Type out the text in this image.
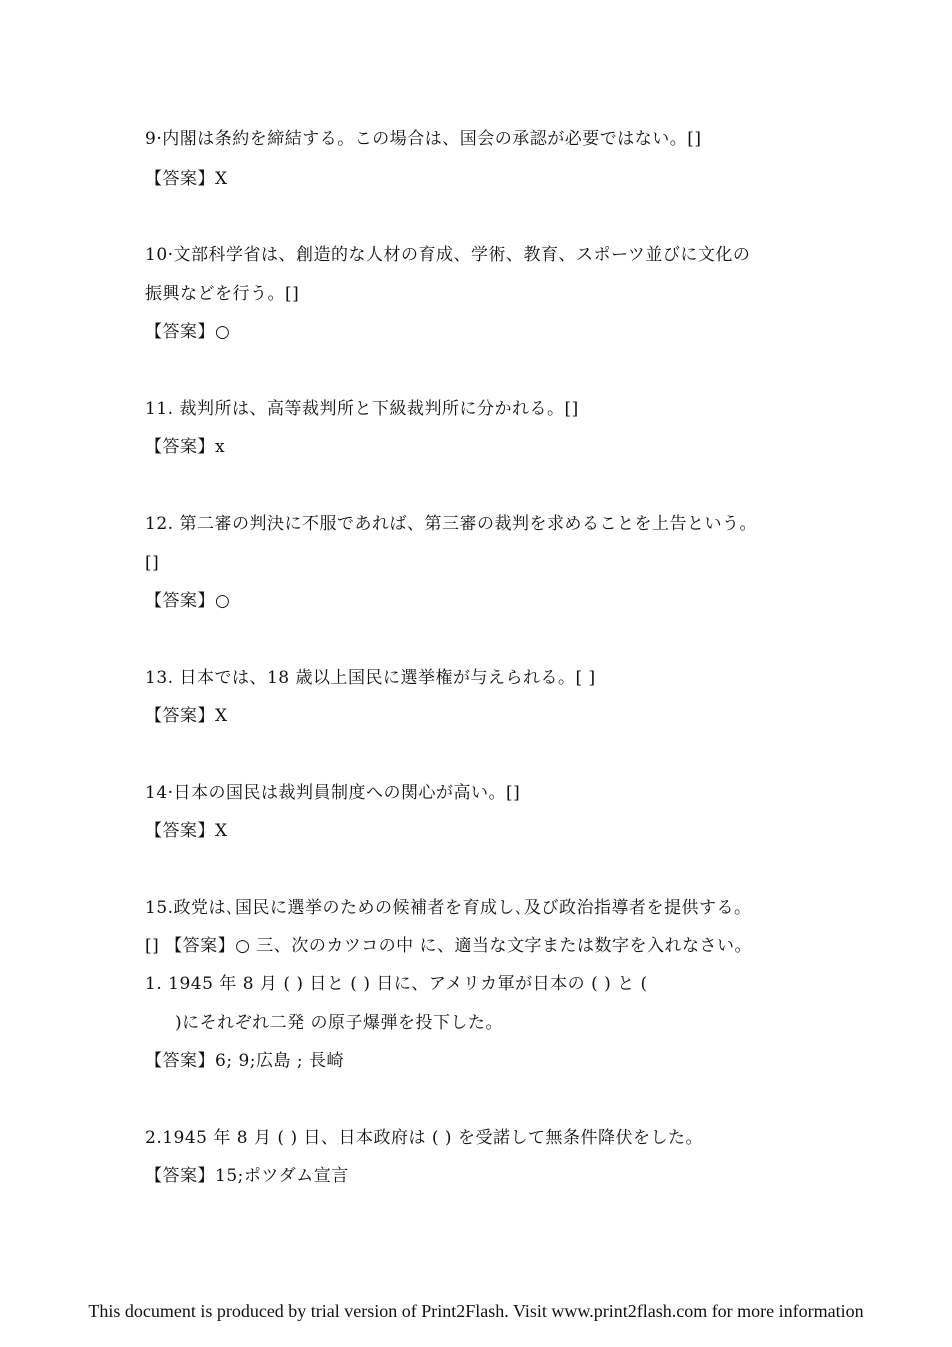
9·内閣は条約を締結する。この場合は、国会の承認が必要ではない。[]
【答案】X
10·文部科学省は、創造的な人材の育成、学術、教育、スポーツ並びに文化の
振興などを行う。[]
【答案】○
11. 裁判所は、高等裁判所と下級裁判所に分かれる。[]
【答案】x
12. 第二審の判決に不服であれば、第三審の裁判を求めることを上告という。
[]
【答案】○
13. 日本では、18 歳以上国民に選挙権が与えられる。[ ]
【答案】X
14·日本の国民は裁判員制度への関心が高い。[]
【答案】X
15.政党は､国民に選挙のための候補者を育成し､及び政治指導者を提供する｡
[] 【答案】○ 三、次のカツコの中 に、適当な文字または数字を入れなさい。
1. 1945 年 8 月 ( ) 日と ( ) 日に、アメリカ軍が日本の ( ) と (
)にそれぞれ二発 の原子爆弾を投下した。
【答案】6; 9;広島 ; 長崎
2.1945 年 8 月 ( ) 日、日本政府は ( ) を受諾して無条件降伏をした。
【答案】15;ポツダム宣言
This document is produced by trial version of Print2Flash. Visit www.print2flash.com for more information
